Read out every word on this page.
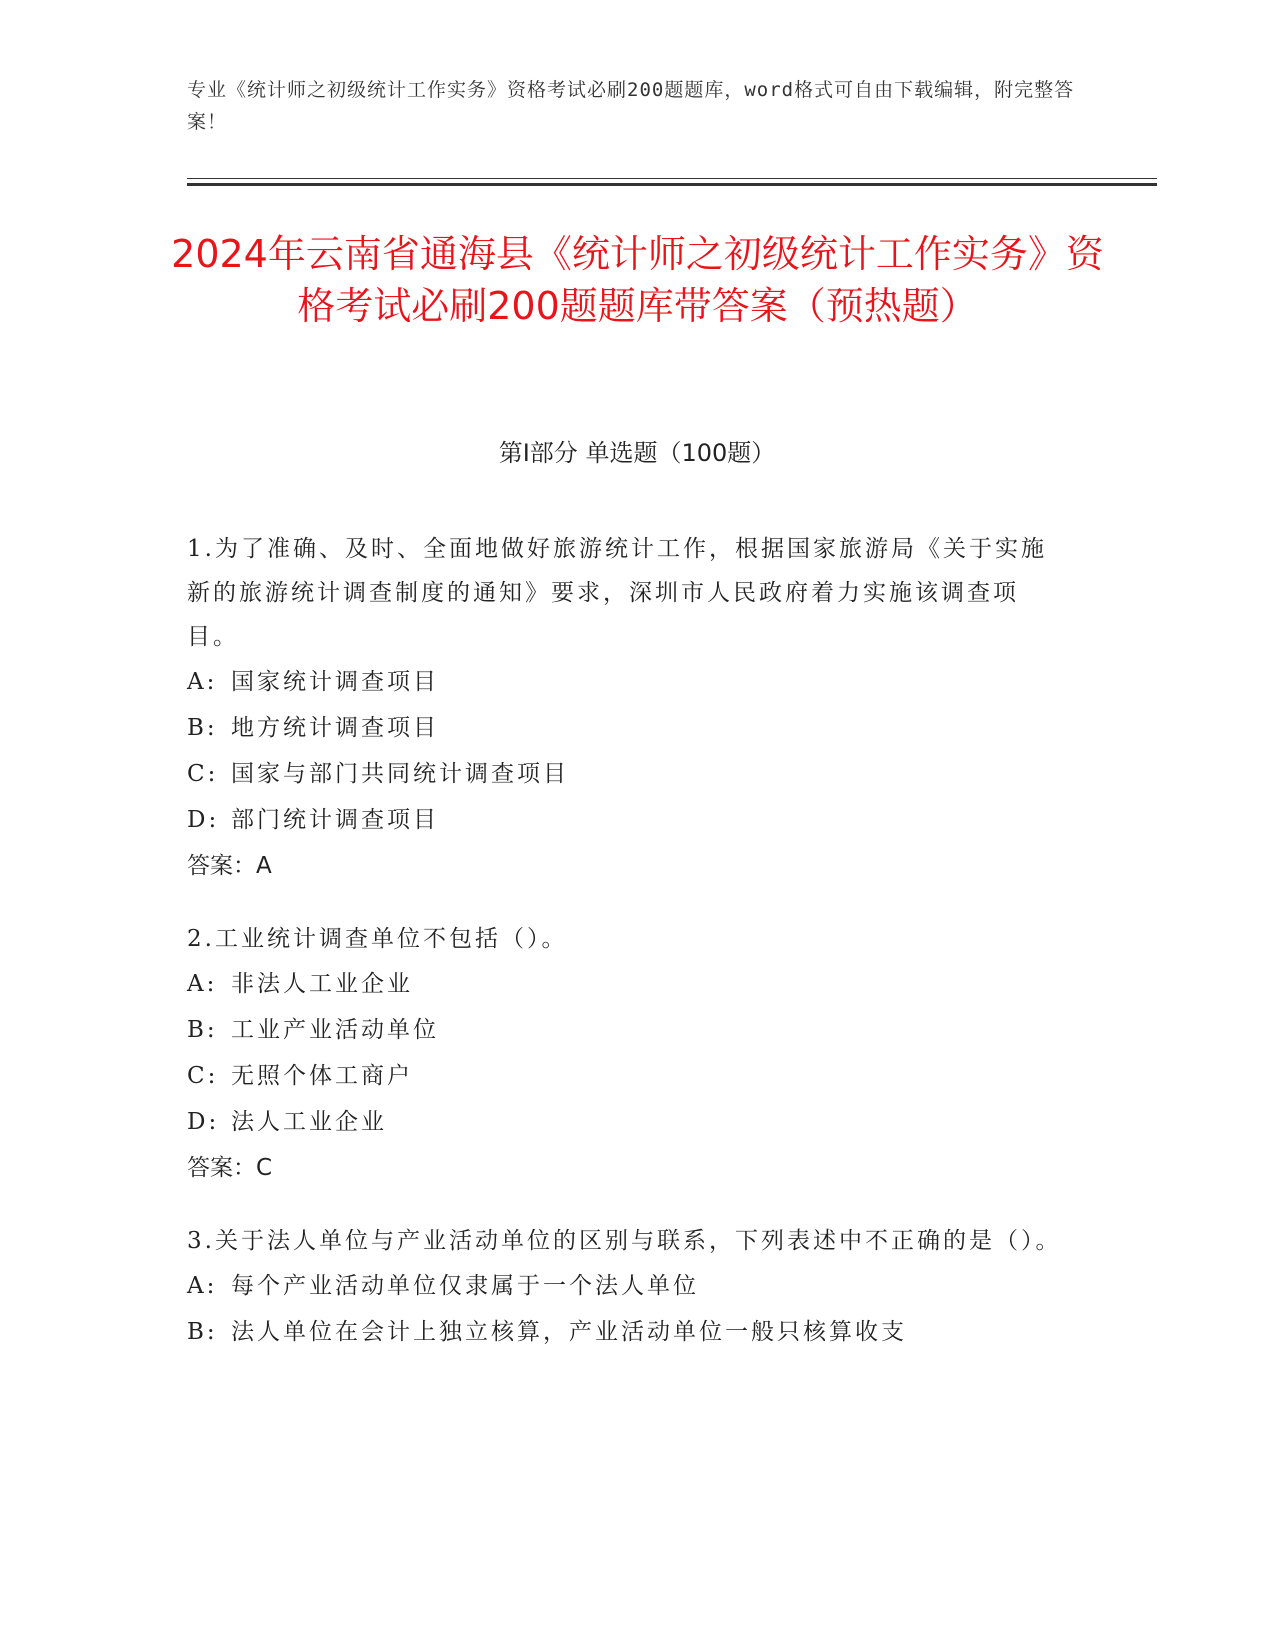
专业《统计师之初级统计工作实务》资格考试必刷200题题库，word格式可自由下载编辑，附完整答案！
2024年云南省通海县《统计师之初级统计工作实务》资格考试必刷200题题库带答案（预热题）
第Ⅰ部分 单选题（100题）
1.为了准确、及时、全面地做好旅游统计工作，根据国家旅游局《关于实施新的旅游统计调查制度的通知》要求，深圳市人民政府着力实施该调查项目。
A: 国家统计调查项目
B: 地方统计调查项目
C: 国家与部门共同统计调查项目
D: 部门统计调查项目
答案：A
2.工业统计调查单位不包括（）。
A: 非法人工业企业
B: 工业产业活动单位
C: 无照个体工商户
D: 法人工业企业
答案：C
3.关于法人单位与产业活动单位的区别与联系，下列表述中不正确的是（）。
A: 每个产业活动单位仅隶属于一个法人单位
B: 法人单位在会计上独立核算，产业活动单位一般只核算收支
